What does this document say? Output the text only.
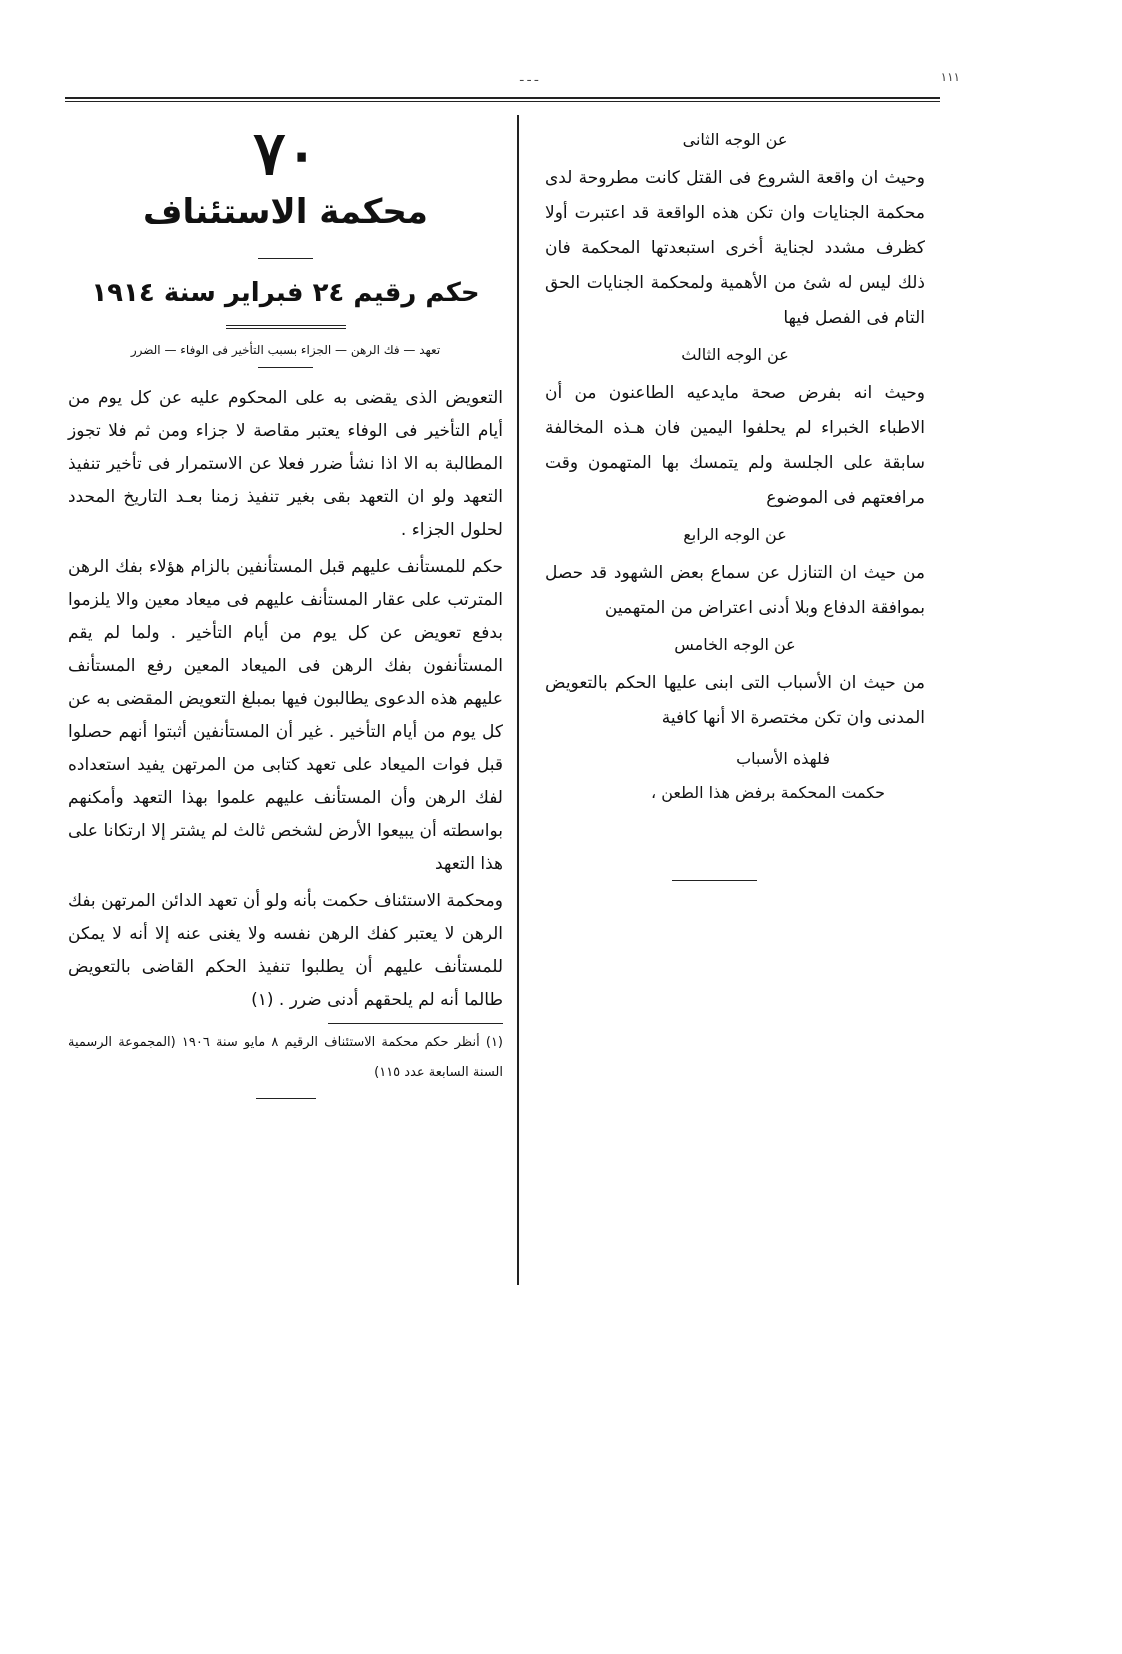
ـ ـ ـ	١١١
عن الوجه الثانى

وحيث ان واقعة الشروع فى القتل كانت مطروحة لدى محكمة الجنايات وان تكن هذه الواقعة قد اعتبرت أولا كظرف مشدد لجناية أخرى استبعدتها المحكمة فان ذلك ليس له شئ من الأهمية ولمحكمة الجنايات الحق التام فى الفصل فيها

عن الوجه الثالث

وحيث انه بفرض صحة مايدعيه الطاعنون من أن الاطباء الخبراء لم يحلفوا اليمين فان هـذه المخالفة سابقة على الجلسة ولم يتمسك بها المتهمون وقت مرافعتهم فى الموضوع

عن الوجه الرابع

من حيث ان التنازل عن سماع بعض الشهود قد حصل بموافقة الدفاع وبلا أدنى اعتراض من المتهمين

عن الوجه الخامس

من حيث ان الأسباب التى ابنى عليها الحكم بالتعويض المدنى وان تكن مختصرة الا أنها كافية

فلهذه الأسباب
حكمت المحكمة برفض هذا الطعن ،
٧٠
محكمة الاستئناف
حكم رقيم ٢٤ فبراير سنة ١٩١٤
تعهد — فك الرهن — الجزاء بسبب التأخير فى الوفاء — الضرر

التعويض الذى يقضى به على المحكوم عليه عن كل يوم من أيام التأخير فى الوفاء يعتبر مقاصة لا جزاء ومن ثم فلا تجوز المطالبة به الا اذا نشأ ضرر فعلا عن الاستمرار فى تأخير تنفيذ التعهد ولو ان التعهد بقى بغير تنفيذ زمنا بعـد التاريخ المحدد لحلول الجزاء .

حكم للمستأنف عليهم قبل المستأنفين بالزام هؤلاء بفك الرهن المترتب على عقار المستأنف عليهم فى ميعاد معين والا يلزموا بدفع تعويض عن كل يوم من أيام التأخير . ولما لم يقم المستأنفون بفك الرهن فى الميعاد المعين رفع المستأنف عليهم هذه الدعوى يطالبون فيها بمبلغ التعويض المقضى به عن كل يوم من أيام التأخير . غير أن المستأنفين أثبتوا أنهم حصلوا قبل فوات الميعاد على تعهد كتابى من المرتهن يفيد استعداده لفك الرهن وأن المستأنف عليهم علموا بهذا التعهد وأمكنهم بواسطته أن يبيعوا الأرض لشخص ثالث لم يشتر إلا ارتكانا على هذا التعهد

ومحكمة الاستئناف حكمت بأنه ولو أن تعهد الدائن المرتهن بفك الرهن لا يعتبر كفك الرهن نفسه ولا يغنى عنه إلا أنه لا يمكن للمستأنف عليهم أن يطلبوا تنفيذ الحكم القاضى بالتعويض طالما أنه لم يلحقهم أدنى ضرر . (١)

(١) أنظر حكم محكمة الاستئناف الرقيم ٨ مايو سنة ١٩٠٦ (المجموعة الرسمية السنة السابعة عدد ١١٥)
